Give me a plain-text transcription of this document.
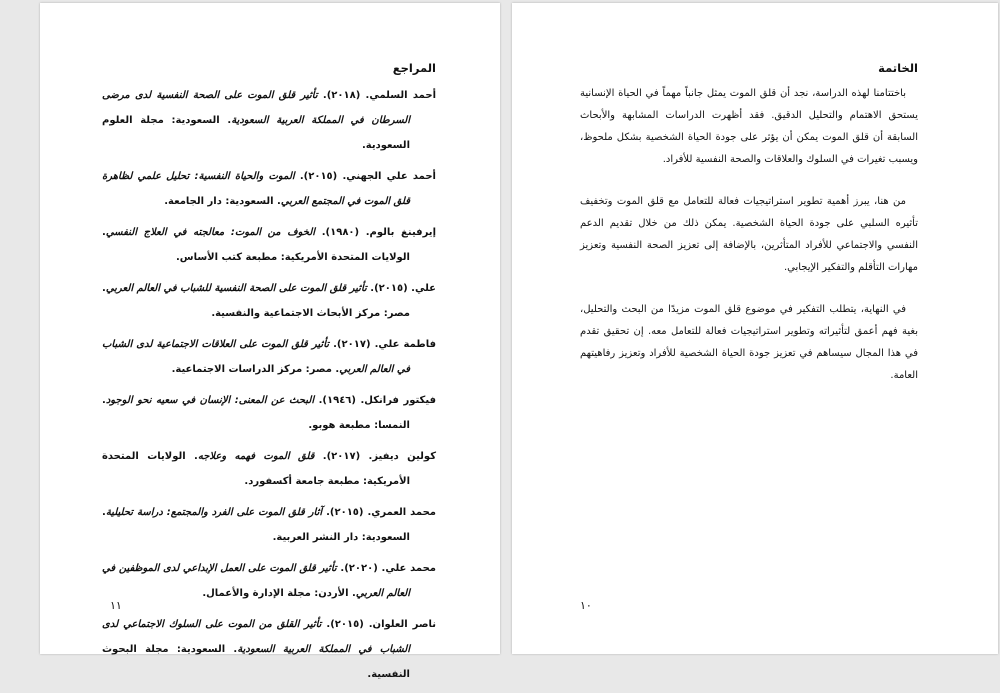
المراجع

أحمد السلمي. (٢٠١٨). تأثير قلق الموت على الصحة النفسية لدى مرضى السرطان في المملكة العربية السعودية. السعودية: مجلة العلوم السعودية.

أحمد علي الجهني. (٢٠١٥). الموت والحياة النفسية: تحليل علمي لظاهرة قلق الموت في المجتمع العربي. السعودية: دار الجامعة.

إيرفينغ بالوم. (١٩٨٠). الخوف من الموت: معالجته في العلاج النفسي. الولايات المتحدة الأمريكية: مطبعة كتب الأساس.

علي. (٢٠١٥). تأثير قلق الموت على الصحة النفسية للشباب في العالم العربي. مصر: مركز الأبحاث الاجتماعية والنفسية.

فاطمة علي. (٢٠١٧). تأثير قلق الموت على العلاقات الاجتماعية لدى الشباب في العالم العربي. مصر: مركز الدراسات الاجتماعية.

فيكتور فرانكل. (١٩٤٦). البحث عن المعنى: الإنسان في سعيه نحو الوجود. النمسا: مطبعة هوبو.

كولين ديفيز. (٢٠١٧). قلق الموت فهمه وعلاجه. الولايات المتحدة الأمريكية: مطبعة جامعة أكسفورد.

محمد العمري. (٢٠١٥). آثار قلق الموت على الفرد والمجتمع: دراسة تحليلية. السعودية: دار النشر العربية.

محمد علي. (٢٠٢٠). تأثير قلق الموت على العمل الإبداعي لدى الموظفين في العالم العربي. الأردن: مجلة الإدارة والأعمال.

ناصر العلوان. (٢٠١٥). تأثير القلق من الموت على السلوك الاجتماعي لدى الشباب في المملكة العربية السعودية. السعودية: مجلة البحوث النفسية.

١١
الخاتمة

باختتامنا لهذه الدراسة، نجد أن قلق الموت يمثل جانباً مهماً في الحياة الإنسانية يستحق الاهتمام والتحليل الدقيق. فقد أظهرت الدراسات المشابهة والأبحاث السابقة أن قلق الموت يمكن أن يؤثر على جودة الحياة الشخصية بشكل ملحوظ، ويسبب تغيرات في السلوك والعلاقات والصحة النفسية للأفراد.

من هنا، يبرز أهمية تطوير استراتيجيات فعالة للتعامل مع قلق الموت وتخفيف تأثيره السلبي على جودة الحياة الشخصية. يمكن ذلك من خلال تقديم الدعم النفسي والاجتماعي للأفراد المتأثرين، بالإضافة إلى تعزيز الصحة النفسية وتعزيز مهارات التأقلم والتفكير الإيجابي.

في النهاية، يتطلب التفكير في موضوع قلق الموت مزيدًا من البحث والتحليل، بغية فهم أعمق لتأثيراته وتطوير استراتيجيات فعالة للتعامل معه. إن تحقيق تقدم في هذا المجال سيساهم في تعزيز جودة الحياة الشخصية للأفراد وتعزيز رفاهيتهم العامة.

١٠
